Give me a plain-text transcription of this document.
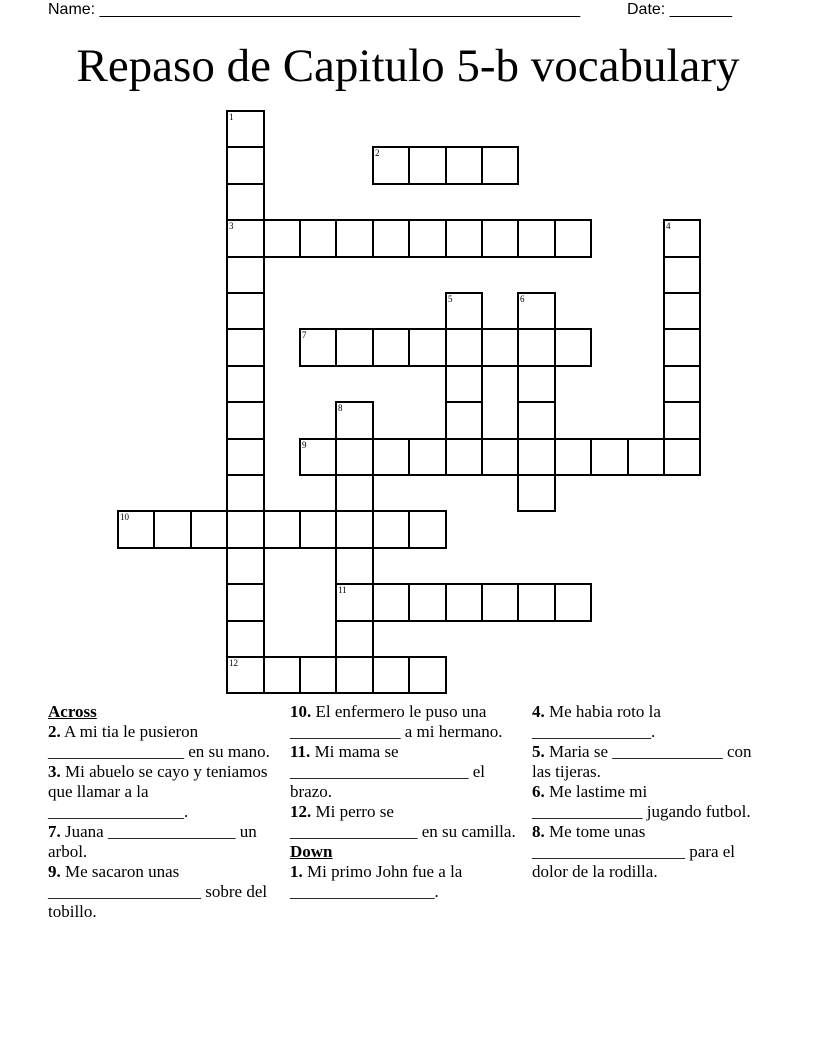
Name: ______________________________________________________	Date: _______
Repaso de Capitulo 5-b vocabulary
1
3
12
2
4
5	6
7
8
11
9
10
Across
2. A mi tia le pusieron ________________ en su mano.
3. Mi abuelo se cayo y teniamos que llamar a la ________________.
7. Juana _______________ un arbol.
9. Me sacaron unas __________________ sobre del tobillo.
10. El enfermero le puso una _____________ a mi hermano.
11. Mi mama se _____________________ el brazo.
12. Mi perro se _______________ en su camilla.
Down
1. Mi primo John fue a la _________________.
4. Me habia roto la ______________.
5. Maria se _____________ con las tijeras.
6. Me lastime mi _____________ jugando futbol.
8. Me tome unas __________________ para el dolor de la rodilla.
